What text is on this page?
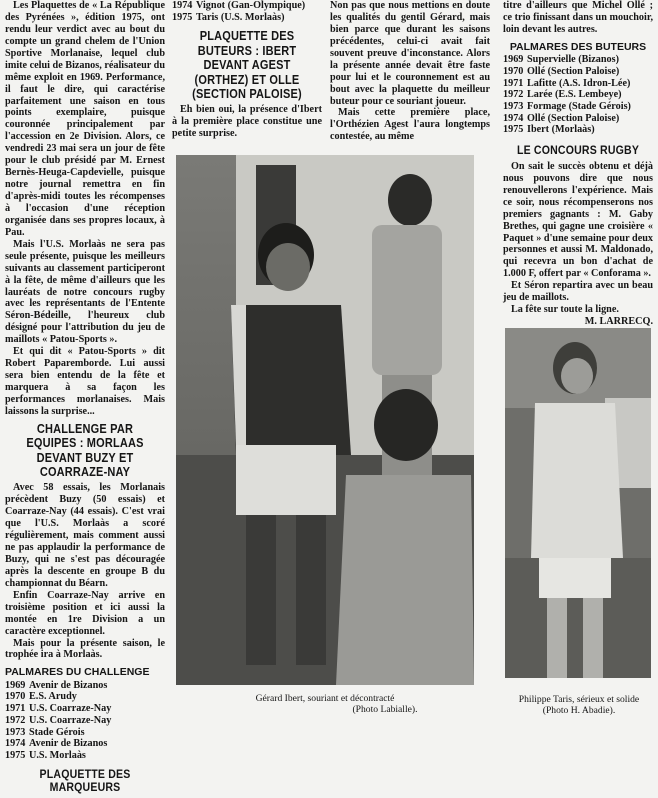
Les Plaquettes de « La République des Pyrénées », édition 1975, ont rendu leur verdict avec au bout du compte un grand chelem de l'Union Sportive Morlanaise, lequel club imite celui de Bizanos, réalisateur du même exploit en 1969. Performance, il faut le dire, qui caractérise parfaitement une saison en tous points exemplaire, puisque couronnée principalement par l'accession en 2e Division. Alors, ce vendredi 23 mai sera un jour de fête pour le club présidé par M. Ernest Bernès-Heuga-Capdevielle, puisque notre journal remettra en fin d'après-midi toutes les récompenses à l'occasion d'une réception organisée dans ses propres locaux, à Pau.

Mais l'U.S. Morlaàs ne sera pas seule présente, puisque les meilleurs suivants au classement participeront à la fête, de même d'ailleurs que les lauréats de notre concours rugby avec les représentants de l'Entente Séron-Bédeille, l'heureux club désigné pour l'attribution du jeu de maillots « Patou-Sports ».

Et qui dit « Patou-Sports » dit Robert Paparemborde. Lui aussi sera bien entendu de la fête et marquera à sa façon les performances morlanaises. Mais laissons la surprise...

CHALLENGE PAR EQUIPES : MORLAAS DEVANT BUZY ET COARRAZE-NAY

Avec 58 essais, les Morlanais précèdent Buzy (50 essais) et Coarraze-Nay (44 essais). C'est vrai que l'U.S. Morlaàs a scoré régulièrement, mais comment aussi ne pas applaudir la performance de Buzy, qui ne s'est pas découragée après la descente en groupe B du championnat du Béarn.

Enfin Coarraze-Nay arrive en troisième position et ici aussi la montée en 1re Division a un caractère exceptionnel.

Mais pour la présente saison, le trophée ira à Morlaàs.

PALMARES DU CHALLENGE
1969 Avenir de Bizanos
1970 E.S. Arudy
1971 U.S. Coarraze-Nay
1972 U.S. Coarraze-Nay
1973 Stade Gérois
1974 Avenir de Bizanos
1975 U.S. Morlaàs
PLAQUETTE DES MARQUEURS
1974 Vignot (Gan-Olympique)
1975 Taris (U.S. Morlaàs)
PLAQUETTE DES BUTEURS : IBERT DEVANT AGEST (ORTHEZ) ET OLLE (SECTION PALOISE)

Eh bien oui, la présence d'Ibert à la première place constitue une petite surprise.

Non pas que nous mettions en doute les qualités du gentil Gérard, mais bien parce que durant les saisons précédentes, celui-ci avait fait souvent preuve d'inconstance. Alors la présente année devait être faste pour lui et le couronnement est au bout avec la plaquette du meilleur buteur pour ce souriant joueur.

Mais cette première place, l'Orthézien Agest l'aura longtemps contestée, au même

titre d'ailleurs que Michel Ollé ; ce trio finissant dans un mouchoir, loin devant les autres.

PALMARES DES BUTEURS
1969 Supervielle (Bizanos)
1970 Ollé (Section Paloise)
1971 Lafitte (A.S. Idron-Lée)
1972 Larée (E.S. Lembeye)
1973 Formage (Stade Gérois)
1974 Ollé (Section Paloise)
1975 Ibert (Morlaàs)
LE CONCOURS RUGBY

On sait le succès obtenu et déjà nous pouvons dire que nous renouvellerons l'expérience. Mais ce soir, nous récompenserons nos premiers gagnants : M. Gaby Brethes, qui gagne une croisière « Paquet » d'une semaine pour deux personnes et aussi M. Maldonado, qui recevra un bon d'achat de 1.000 F, offert par « Conforama ».

Et Séron repartira avec un beau jeu de maillots.

La fête sur toute la ligne.

M. LARRECQ.
Gérard Ibert, souriant et décontracté
(Photo Labialle).
Philippe Taris, sérieux et solide
(Photo H. Abadie).
